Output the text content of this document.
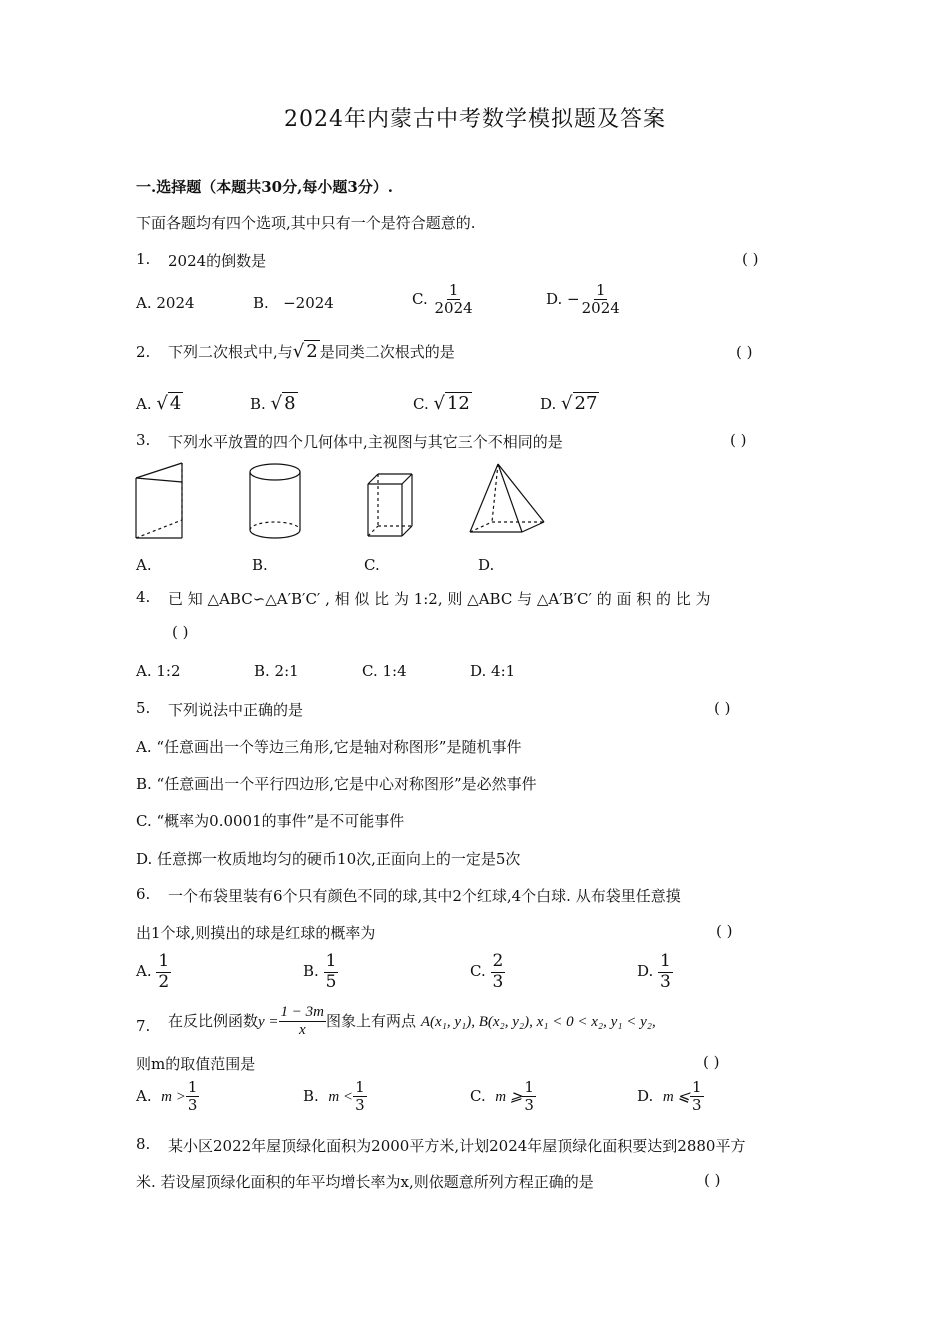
2024年内蒙古中考数学模拟题及答案
一.选择题（本题共30分,每小题3分）.
下面各题均有四个选项,其中只有一个是符合题意的.
1. 2024的倒数是	( )
A. 2024	B. −2024	C. $\frac{1}{2024}$	D. − $\frac{1}{2024}$
2. 下列二次根式中,与√ 2 是同类二次根式的是	( )
A. √ 4	B. √ 8	C. √ 12	D. √ 27
3. 下列水平放置的四个几何体中,主视图与其它三个不相同的是	( )
A.	B.	C.	D.
4. 已 知 △ABC∽△A′B′C′ , 相 似 比 为 1:2, 则 △ABC 与 △A′B′C′ 的 面 积 的 比 为
( )
A. 1:2	B. 2:1	C. 1:4	D. 4:1
5. 下列说法中正确的是	( )
A. “任意画出一个等边三角形,它是轴对称图形”是随机事件
B. “任意画出一个平行四边形,它是中心对称图形”是必然事件
C. “概率为0.0001的事件”是不可能事件
D. 任意掷一枚质地均匀的硬币10次,正面向上的一定是5次
6. 一个布袋里装有6个只有颜色不同的球,其中2个红球,4个白球. 从布袋里任意摸
出1个球,则摸出的球是红球的概率为	( )
A. $\frac{1}{2}$	B. $\frac{1}{5}$	C. $\frac{2}{3}$	D. $\frac{1}{3}$
7. 在反比例函数$y = \frac{1 - 3m}{x}$ 图象上有两点 A(x₁, y₁), B(x₂, y₂), x₁ < 0 < x₂, y₁ < y₂,
则m的取值范围是	( )
A. $m > \frac{1}{3}$	B. $m < \frac{1}{3}$	C. m ⩾ $\frac{1}{3}$	D. m ⩽ $\frac{1}{3}$
8. 某小区2022年屋顶绿化面积为2000平方米,计划2024年屋顶绿化面积要达到2880平方
米. 若设屋顶绿化面积的年平均增长率为x,则依题意所列方程正确的是	( )
